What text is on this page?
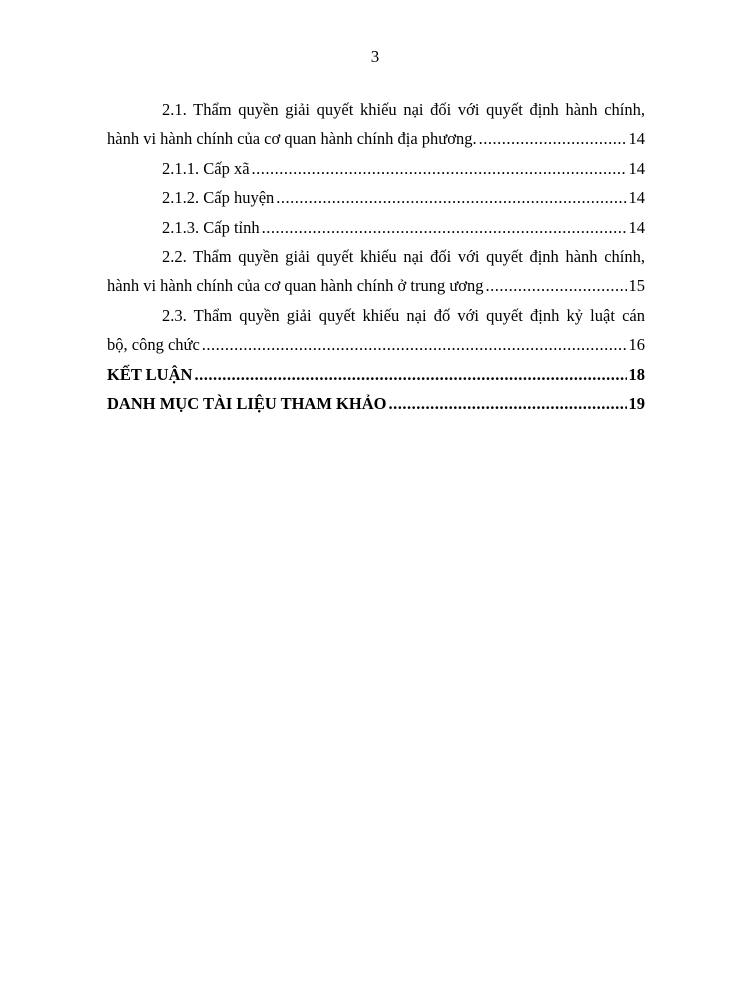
3
2.1. Thẩm quyền giải quyết khiếu nại đối với quyết định hành chính,
hành vi hành chính của cơ quan hành chính địa phương. .....	14
2.1.1. Cấp xã .....	14
2.1.2. Cấp huyện .....	14
2.1.3. Cấp tỉnh .....	14
2.2. Thẩm quyền giải quyết khiếu nại đối với quyết định hành chính,
hành vi hành chính của cơ quan hành chính ở trung ương .....	15
2.3. Thẩm quyền giải quyết khiếu nại đố với quyết định kỷ luật cán
bộ, công chức .....	16
KẾT LUẬN .....	18
DANH MỤC TÀI LIỆU THAM KHẢO .....	19
